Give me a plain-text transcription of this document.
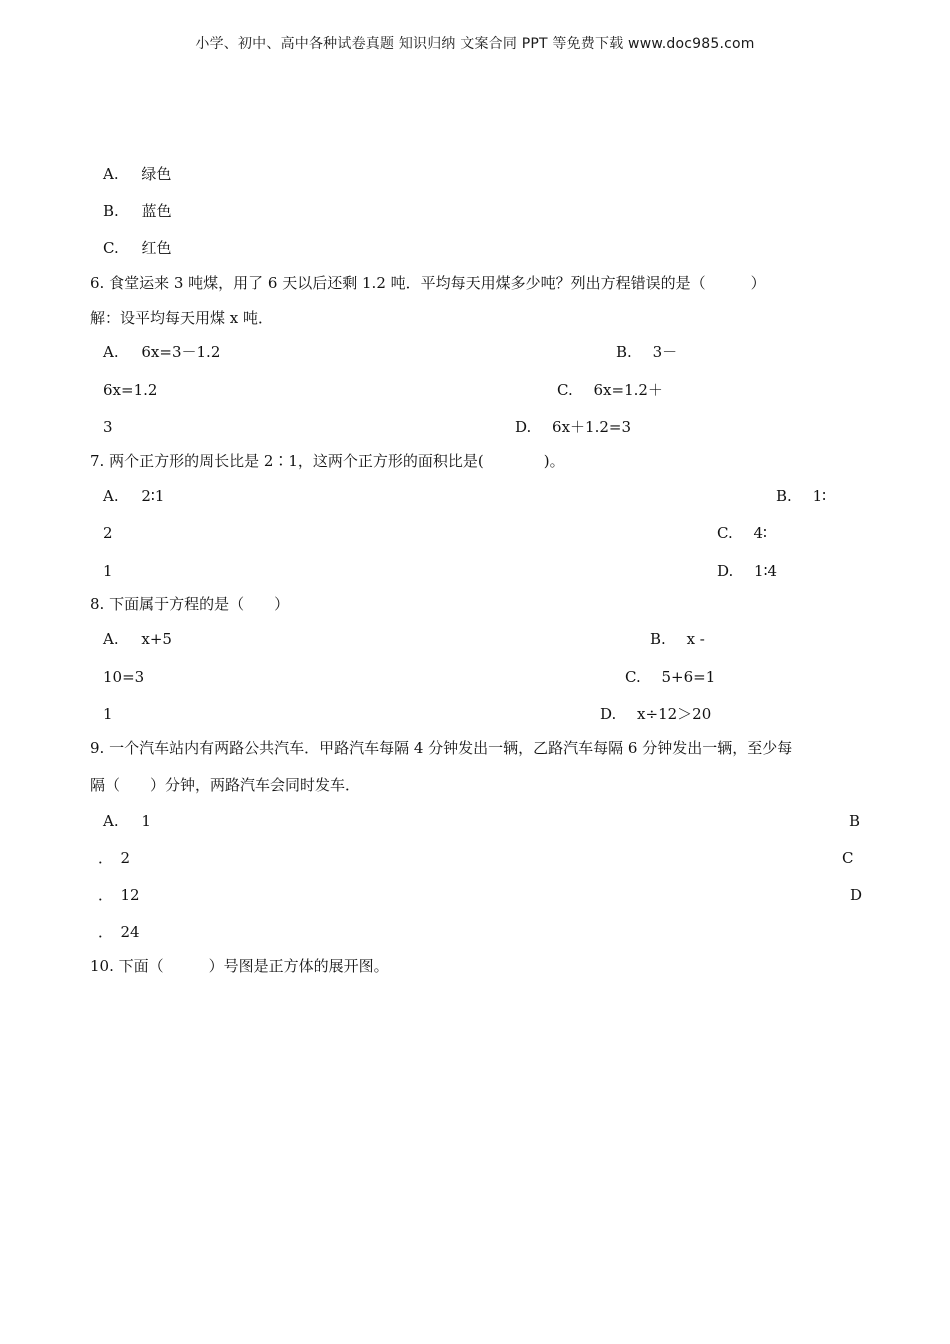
小学、初中、高中各种试卷真题 知识归纳 文案合同 PPT 等免费下载 www.doc985.com
A. 绿色
B. 蓝色
C. 红色
6. 食堂运来 3 吨煤，用了 6 天以后还剩 1.2 吨．平均每天用煤多少吨？列出方程错误的是（　　　）
解：设平均每天用煤 x 吨．
A. 6x=3－1.2	B. 3－
6x=1.2	C. 6x=1.2＋
3	D. 6x＋1.2=3
7. 两个正方形的周长比是 2∶1，这两个正方形的面积比是(　　　　)。
A. 2∶1	B. 1∶
2	C. 4∶
1	D. 1∶4
8. 下面属于方程的是（　　）
A. x+5	B. x -
10=3	C. 5+6=1
1	D. x÷12＞20
9. 一个汽车站内有两路公共汽车．甲路汽车每隔 4 分钟发出一辆，乙路汽车每隔 6 分钟发出一辆，至少每
隔（　　）分钟，两路汽车会同时发车．
A. 1	B
．　2	C
．　12	D
．　24
10. 下面（　　　）号图是正方体的展开图。
